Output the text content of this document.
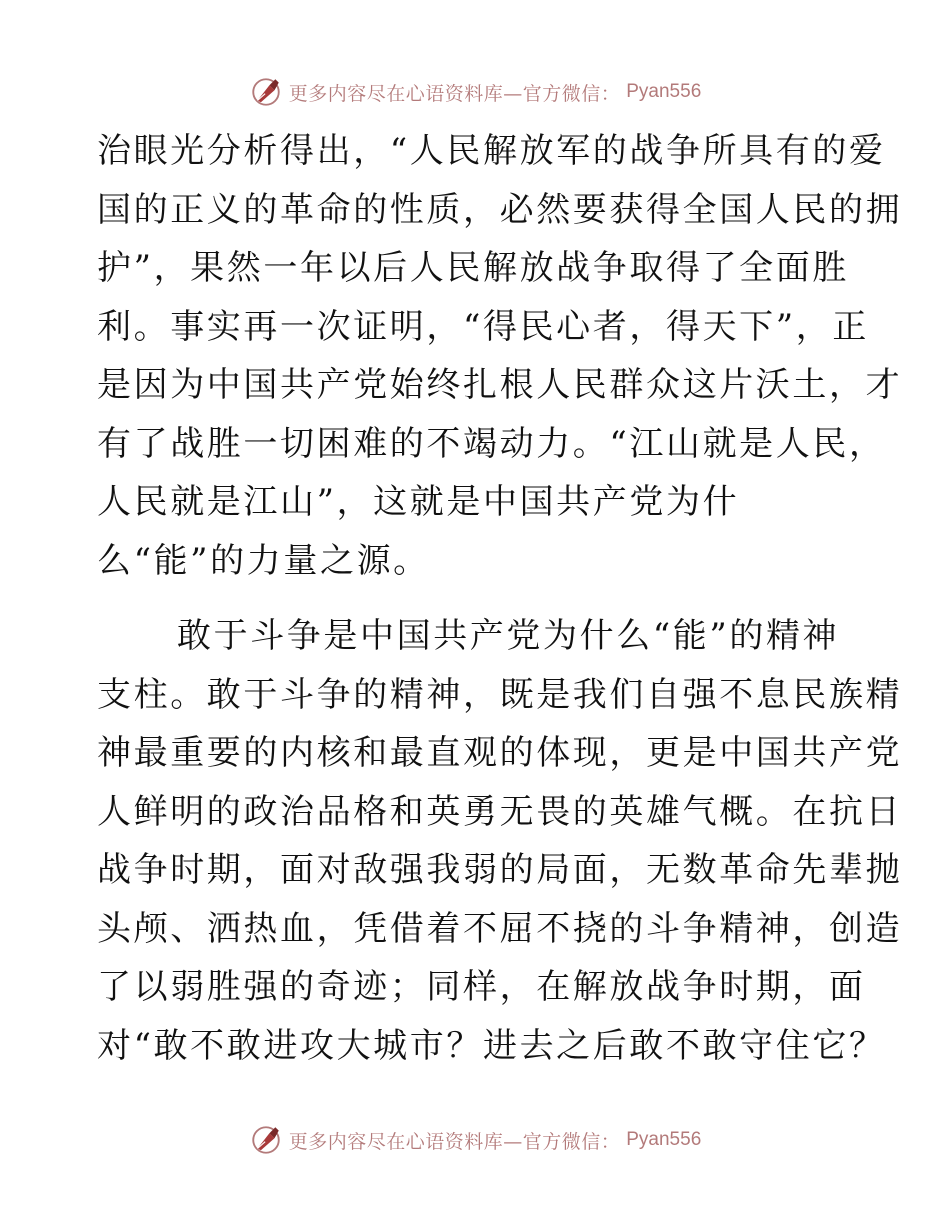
更多内容尽在心语资料库—官方微信： Pyan556
治眼光分析得出，“人民解放军的战争所具有的爱
国的正义的革命的性质，必然要获得全国人民的拥
护”，果然一年以后人民解放战争取得了全面胜
利。事实再一次证明，“得民心者，得天下”，正
是因为中国共产党始终扎根人民群众这片沃土，才
有了战胜一切困难的不竭动力。“江山就是人民，
人民就是江山”，这就是中国共产党为什
么“能”的力量之源。
敢于斗争是中国共产党为什么“能”的精神
支柱。敢于斗争的精神，既是我们自强不息民族精
神最重要的内核和最直观的体现，更是中国共产党
人鲜明的政治品格和英勇无畏的英雄气概。在抗日
战争时期，面对敌强我弱的局面，无数革命先辈抛
头颅、洒热血，凭借着不屈不挠的斗争精神，创造
了以弱胜强的奇迹；同样，在解放战争时期，面
对“敢不敢进攻大城市？进去之后敢不敢守住它？
更多内容尽在心语资料库—官方微信： Pyan556
